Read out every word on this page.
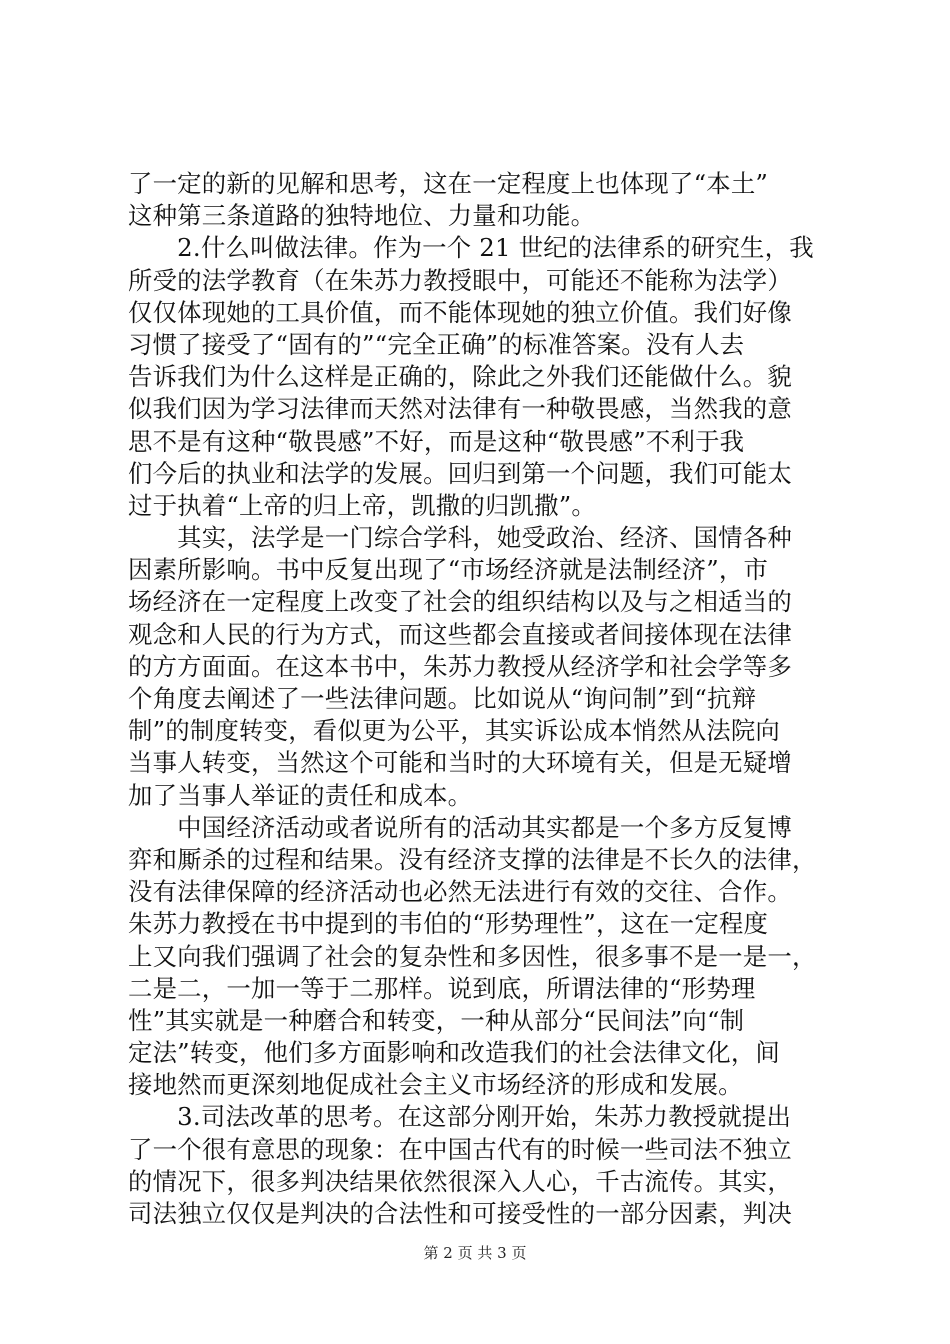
了一定的新的见解和思考，这在一定程度上也体现了“本土”
这种第三条道路的独特地位、力量和功能。
　　2.什么叫做法律。作为一个 21 世纪的法律系的研究生，我
所受的法学教育（在朱苏力教授眼中，可能还不能称为法学）
仅仅体现她的工具价值，而不能体现她的独立价值。我们好像
习惯了接受了“固有的”“完全正确”的标准答案。没有人去
告诉我们为什么这样是正确的，除此之外我们还能做什么。貌
似我们因为学习法律而天然对法律有一种敬畏感，当然我的意
思不是有这种“敬畏感”不好，而是这种“敬畏感”不利于我
们今后的执业和法学的发展。回归到第一个问题，我们可能太
过于执着“上帝的归上帝，凯撒的归凯撒”。
　　其实，法学是一门综合学科，她受政治、经济、国情各种
因素所影响。书中反复出现了“市场经济就是法制经济”，市
场经济在一定程度上改变了社会的组织结构以及与之相适当的
观念和人民的行为方式，而这些都会直接或者间接体现在法律
的方方面面。在这本书中，朱苏力教授从经济学和社会学等多
个角度去阐述了一些法律问题。比如说从“询问制”到“抗辩
制”的制度转变，看似更为公平，其实诉讼成本悄然从法院向
当事人转变，当然这个可能和当时的大环境有关，但是无疑增
加了当事人举证的责任和成本。
　　中国经济活动或者说所有的活动其实都是一个多方反复博
弈和厮杀的过程和结果。没有经济支撑的法律是不长久的法律，
没有法律保障的经济活动也必然无法进行有效的交往、合作。
朱苏力教授在书中提到的韦伯的“形势理性”，这在一定程度
上又向我们强调了社会的复杂性和多因性，很多事不是一是一，
二是二，一加一等于二那样。说到底，所谓法律的“形势理
性”其实就是一种磨合和转变，一种从部分“民间法”向“制
定法”转变，他们多方面影响和改造我们的社会法律文化，间
接地然而更深刻地促成社会主义市场经济的形成和发展。
　　3.司法改革的思考。在这部分刚开始，朱苏力教授就提出
了一个很有意思的现象：在中国古代有的时候一些司法不独立
的情况下，很多判决结果依然很深入人心，千古流传。其实，
司法独立仅仅是判决的合法性和可接受性的一部分因素，判决
第 2 页 共 3 页
